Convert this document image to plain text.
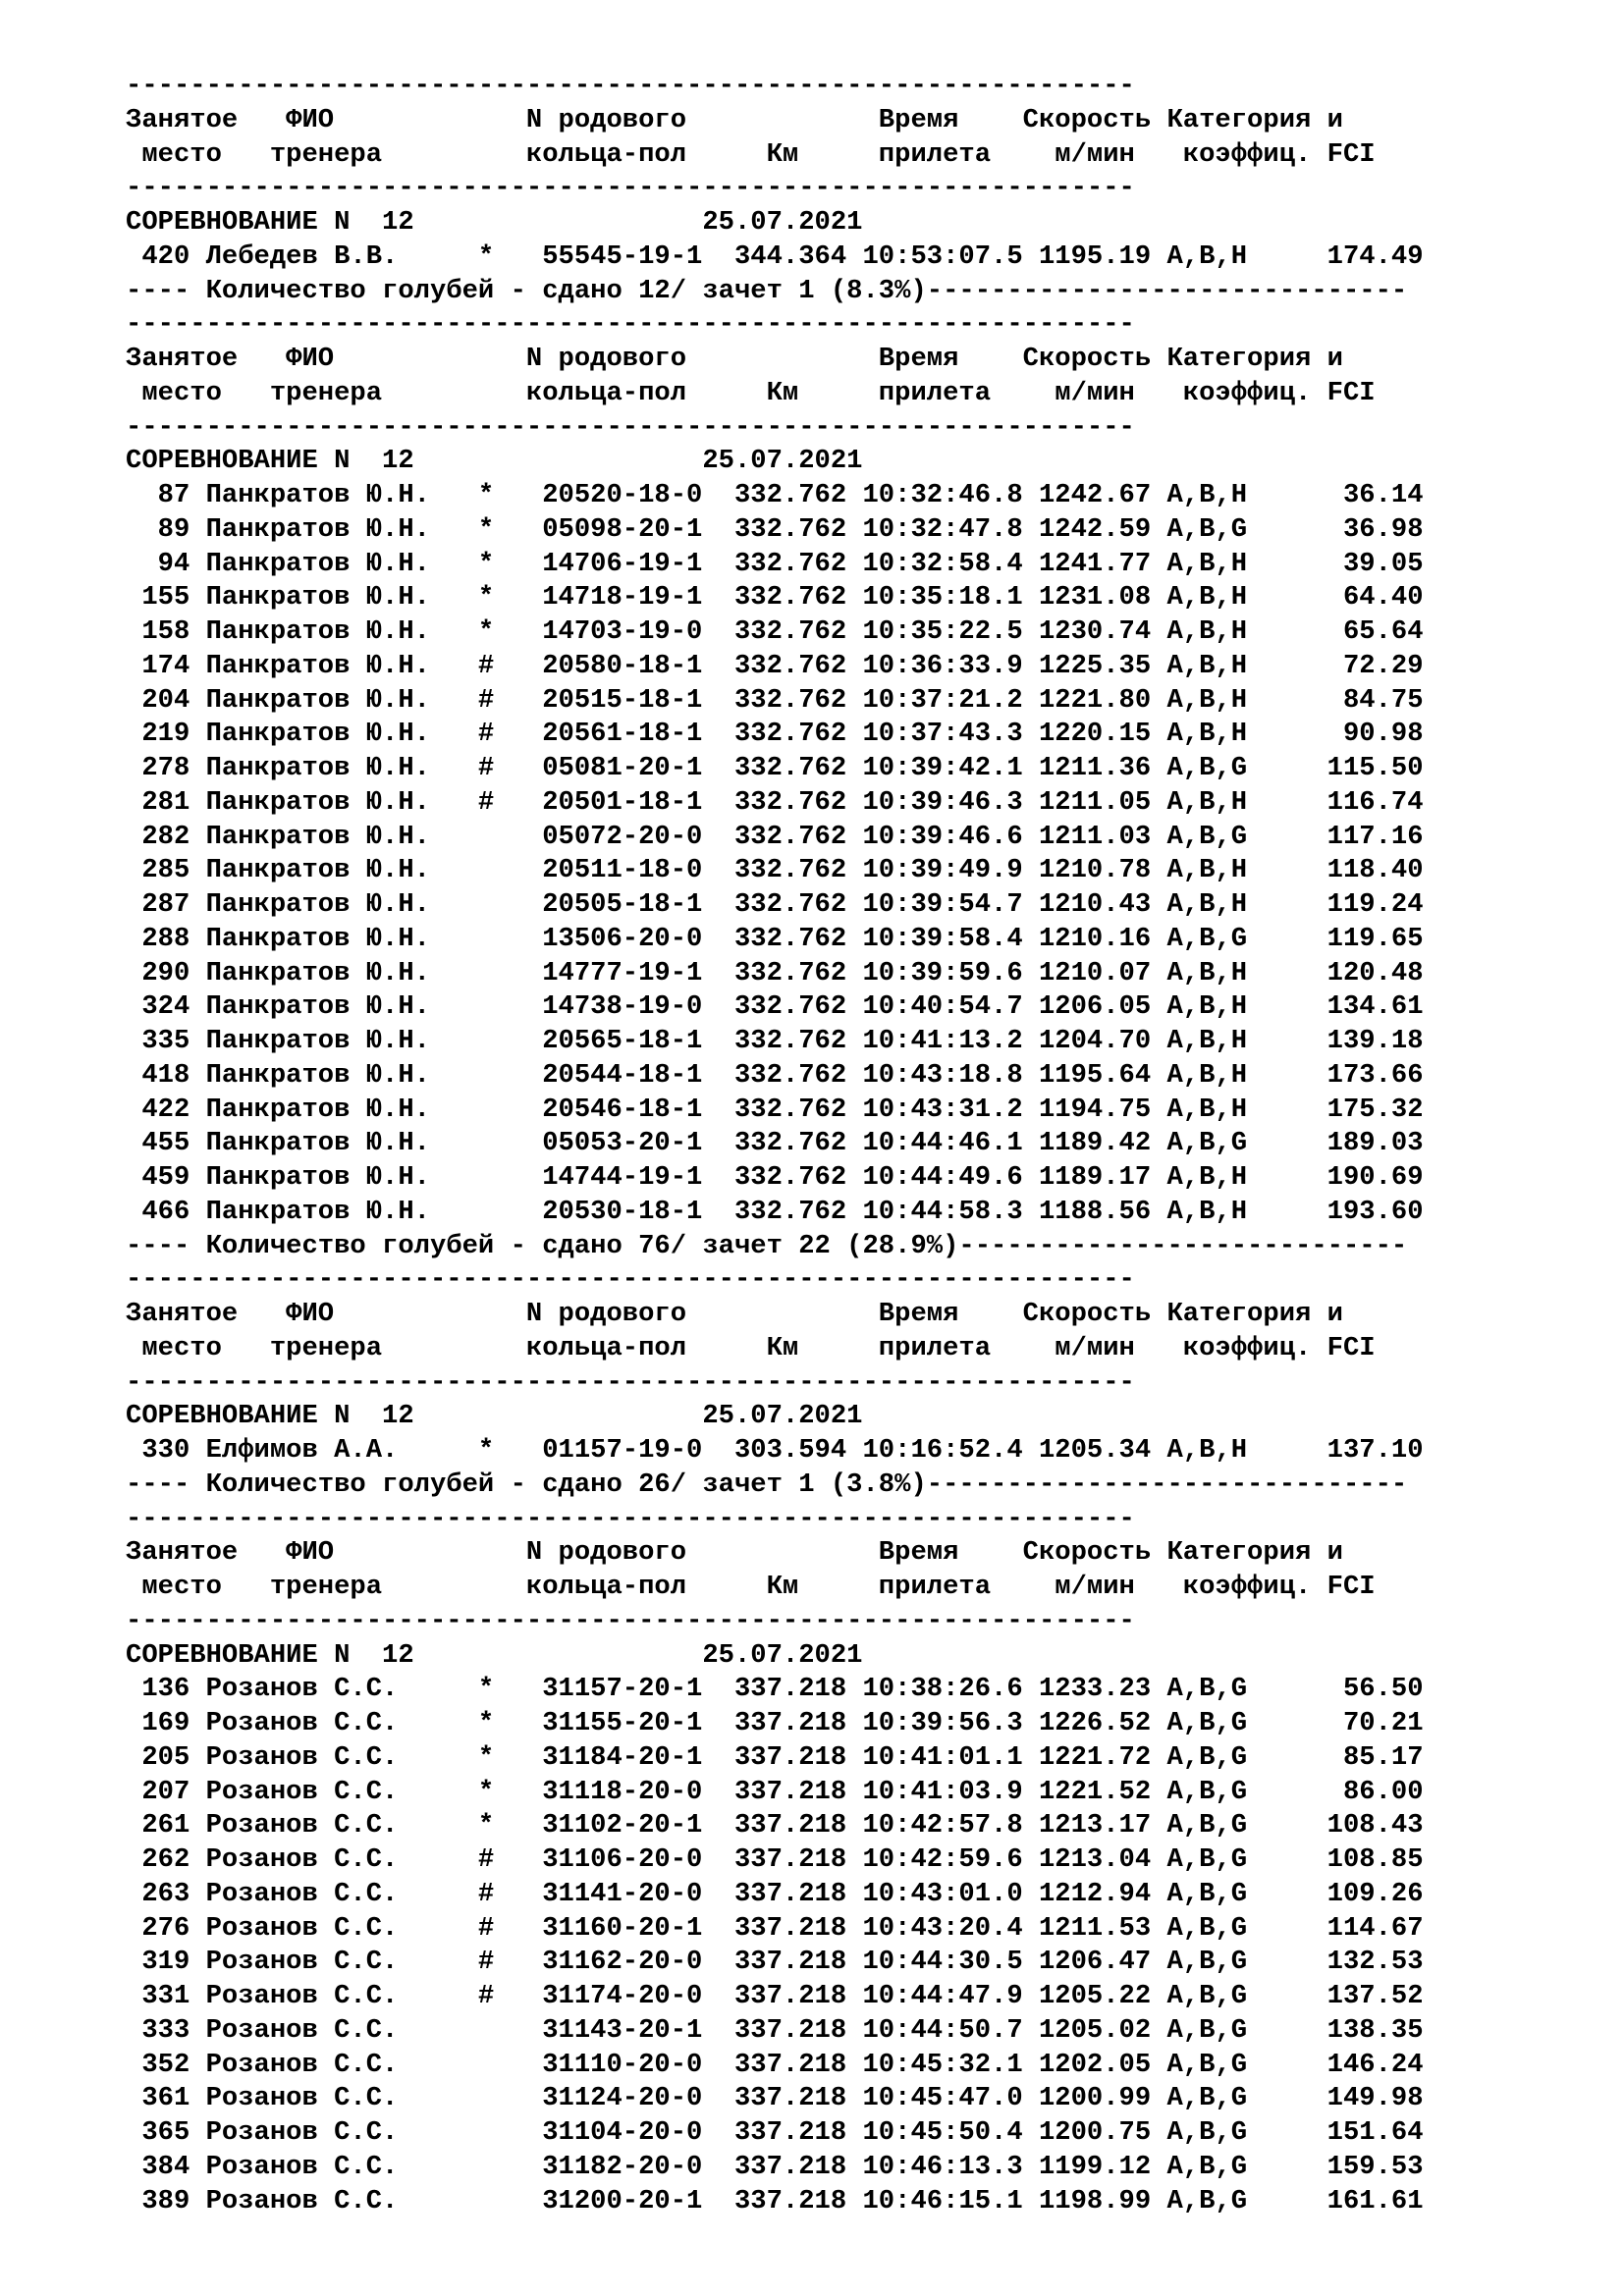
---------------------------------------------------------------
Занятое   ФИО            N родового            Время    Скорость Категория и
место   тренера         кольца-пол     Км     прилета    м/мин   коэффиц. FCI
---------------------------------------------------------------
СОРЕВНОВАНИЕ N  12                  25.07.2021
420 Лебедев В.В.     *   55545-19-1  344.364 10:53:07.5 1195.19 A,B,H     174.49
---- Количество голубей - сдано 12/ зачет 1 (8.3%)------------------------------
---------------------------------------------------------------
Занятое   ФИО            N родового            Время    Скорость Категория и
место   тренера         кольца-пол     Км     прилета    м/мин   коэффиц. FCI
---------------------------------------------------------------
СОРЕВНОВАНИЕ N  12                  25.07.2021
87 Панкратов Ю.Н.   *   20520-18-0  332.762 10:32:46.8 1242.67 A,B,H      36.14
89 Панкратов Ю.Н.   *   05098-20-1  332.762 10:32:47.8 1242.59 A,B,G      36.98
94 Панкратов Ю.Н.   *   14706-19-1  332.762 10:32:58.4 1241.77 A,B,H      39.05
155 Панкратов Ю.Н.   *   14718-19-1  332.762 10:35:18.1 1231.08 A,B,H      64.40
158 Панкратов Ю.Н.   *   14703-19-0  332.762 10:35:22.5 1230.74 A,B,H      65.64
174 Панкратов Ю.Н.   #   20580-18-1  332.762 10:36:33.9 1225.35 A,B,H      72.29
204 Панкратов Ю.Н.   #   20515-18-1  332.762 10:37:21.2 1221.80 A,B,H      84.75
219 Панкратов Ю.Н.   #   20561-18-1  332.762 10:37:43.3 1220.15 A,B,H      90.98
278 Панкратов Ю.Н.   #   05081-20-1  332.762 10:39:42.1 1211.36 A,B,G     115.50
281 Панкратов Ю.Н.   #   20501-18-1  332.762 10:39:46.3 1211.05 A,B,H     116.74
282 Панкратов Ю.Н.       05072-20-0  332.762 10:39:46.6 1211.03 A,B,G     117.16
285 Панкратов Ю.Н.       20511-18-0  332.762 10:39:49.9 1210.78 A,B,H     118.40
287 Панкратов Ю.Н.       20505-18-1  332.762 10:39:54.7 1210.43 A,B,H     119.24
288 Панкратов Ю.Н.       13506-20-0  332.762 10:39:58.4 1210.16 A,B,G     119.65
290 Панкратов Ю.Н.       14777-19-1  332.762 10:39:59.6 1210.07 A,B,H     120.48
324 Панкратов Ю.Н.       14738-19-0  332.762 10:40:54.7 1206.05 A,B,H     134.61
335 Панкратов Ю.Н.       20565-18-1  332.762 10:41:13.2 1204.70 A,B,H     139.18
418 Панкратов Ю.Н.       20544-18-1  332.762 10:43:18.8 1195.64 A,B,H     173.66
422 Панкратов Ю.Н.       20546-18-1  332.762 10:43:31.2 1194.75 A,B,H     175.32
455 Панкратов Ю.Н.       05053-20-1  332.762 10:44:46.1 1189.42 A,B,G     189.03
459 Панкратов Ю.Н.       14744-19-1  332.762 10:44:49.6 1189.17 A,B,H     190.69
466 Панкратов Ю.Н.       20530-18-1  332.762 10:44:58.3 1188.56 A,B,H     193.60
---- Количество голубей - сдано 76/ зачет 22 (28.9%)----------------------------
---------------------------------------------------------------
Занятое   ФИО            N родового            Время    Скорость Категория и
место   тренера         кольца-пол     Км     прилета    м/мин   коэффиц. FCI
---------------------------------------------------------------
СОРЕВНОВАНИЕ N  12                  25.07.2021
330 Елфимов А.А.     *   01157-19-0  303.594 10:16:52.4 1205.34 A,B,H     137.10
---- Количество голубей - сдано 26/ зачет 1 (3.8%)------------------------------
---------------------------------------------------------------
Занятое   ФИО            N родового            Время    Скорость Категория и
место   тренера         кольца-пол     Км     прилета    м/мин   коэффиц. FCI
---------------------------------------------------------------
СОРЕВНОВАНИЕ N  12                  25.07.2021
136 Розанов С.С.     *   31157-20-1  337.218 10:38:26.6 1233.23 A,B,G      56.50
169 Розанов С.С.     *   31155-20-1  337.218 10:39:56.3 1226.52 A,B,G      70.21
205 Розанов С.С.     *   31184-20-1  337.218 10:41:01.1 1221.72 A,B,G      85.17
207 Розанов С.С.     *   31118-20-0  337.218 10:41:03.9 1221.52 A,B,G      86.00
261 Розанов С.С.     *   31102-20-1  337.218 10:42:57.8 1213.17 A,B,G     108.43
262 Розанов С.С.     #   31106-20-0  337.218 10:42:59.6 1213.04 A,B,G     108.85
263 Розанов С.С.     #   31141-20-0  337.218 10:43:01.0 1212.94 A,B,G     109.26
276 Розанов С.С.     #   31160-20-1  337.218 10:43:20.4 1211.53 A,B,G     114.67
319 Розанов С.С.     #   31162-20-0  337.218 10:44:30.5 1206.47 A,B,G     132.53
331 Розанов С.С.     #   31174-20-0  337.218 10:44:47.9 1205.22 A,B,G     137.52
333 Розанов С.С.         31143-20-1  337.218 10:44:50.7 1205.02 A,B,G     138.35
352 Розанов С.С.         31110-20-0  337.218 10:45:32.1 1202.05 A,B,G     146.24
361 Розанов С.С.         31124-20-0  337.218 10:45:47.0 1200.99 A,B,G     149.98
365 Розанов С.С.         31104-20-0  337.218 10:45:50.4 1200.75 A,B,G     151.64
384 Розанов С.С.         31182-20-0  337.218 10:46:13.3 1199.12 A,B,G     159.53
389 Розанов С.С.         31200-20-1  337.218 10:46:15.1 1198.99 A,B,G     161.61
